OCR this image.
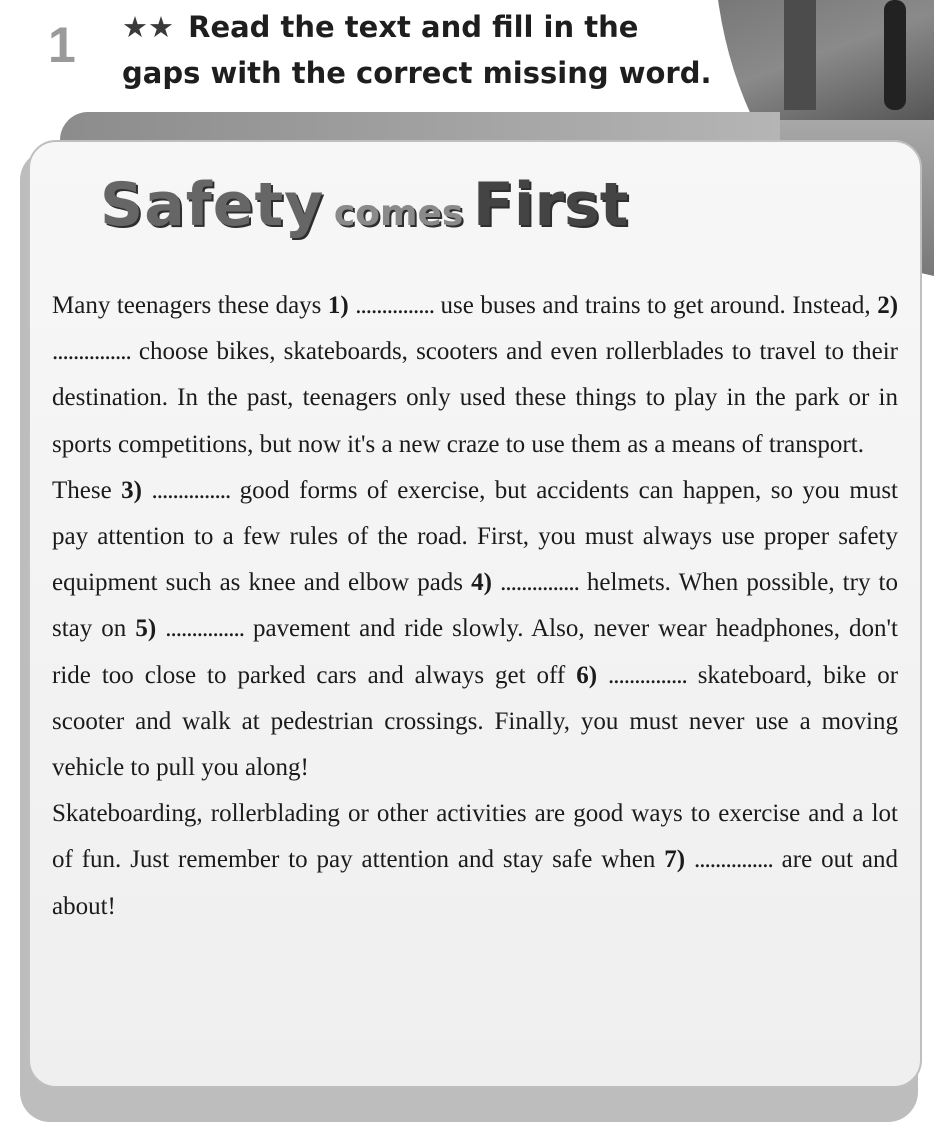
1 ★★ Read the text and fill in the gaps with the correct missing word.
Safety comes First

Many teenagers these days 1) ............... use buses and trains to get around. Instead, 2) ............... choose bikes, skateboards, scooters and even rollerblades to travel to their destination. In the past, teenagers only used these things to play in the park or in sports competitions, but now it's a new craze to use them as a means of transport.

These 3) ............... good forms of exercise, but accidents can happen, so you must pay attention to a few rules of the road. First, you must always use proper safety equipment such as knee and elbow pads 4) ............... helmets. When possible, try to stay on 5) ............... pavement and ride slowly. Also, never wear headphones, don't ride too close to parked cars and always get off 6) ............... skateboard, bike or scooter and walk at pedestrian crossings. Finally, you must never use a moving vehicle to pull you along!

Skateboarding, rollerblading or other activities are good ways to exercise and a lot of fun. Just remember to pay attention and stay safe when 7) ............... are out and about!
